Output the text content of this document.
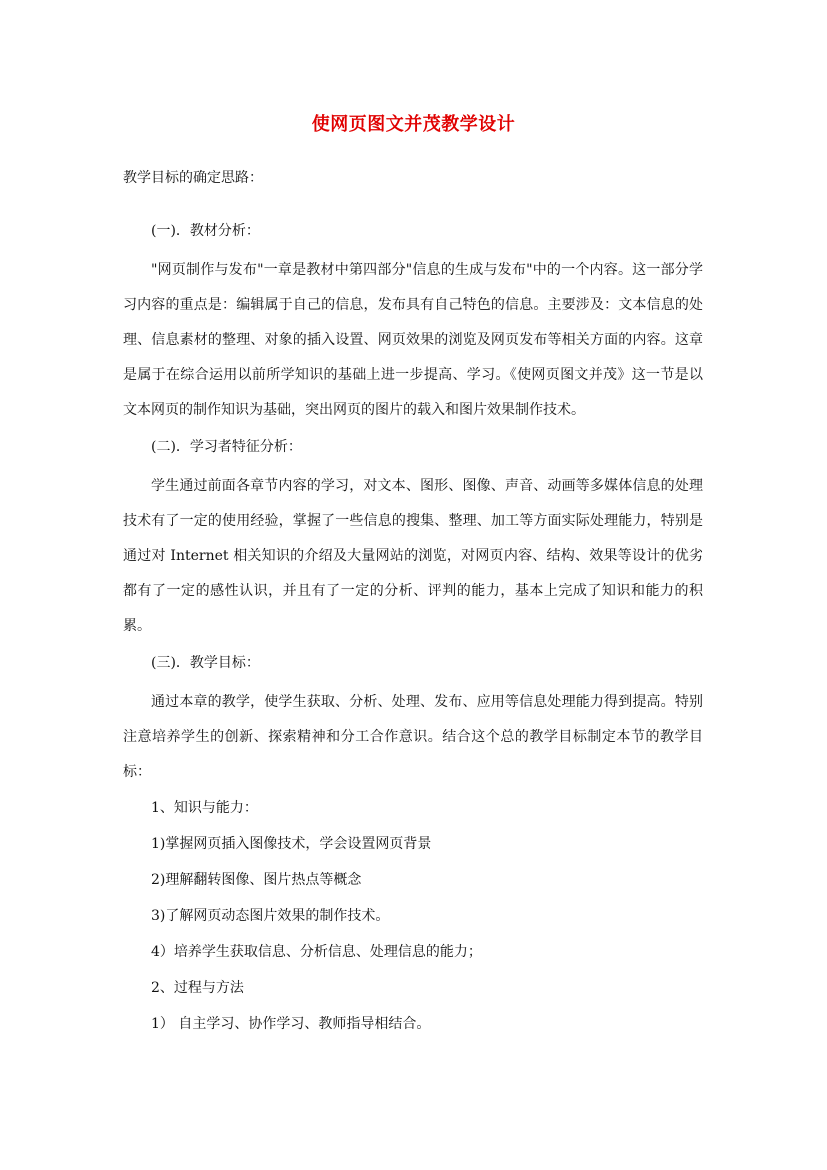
使网页图文并茂教学设计

教学目标的确定思路：

(一)．教材分析：

"网页制作与发布"一章是教材中第四部分"信息的生成与发布"中的一个内容。这一部分学习内容的重点是：编辑属于自己的信息，发布具有自己特色的信息。主要涉及：文本信息的处理、信息素材的整理、对象的插入设置、网页效果的浏览及网页发布等相关方面的内容。这章是属于在综合运用以前所学知识的基础上进一步提高、学习。《使网页图文并茂》这一节是以文本网页的制作知识为基础，突出网页的图片的载入和图片效果制作技术。

(二)．学习者特征分析：

学生通过前面各章节内容的学习，对文本、图形、图像、声音、动画等多媒体信息的处理技术有了一定的使用经验，掌握了一些信息的搜集、整理、加工等方面实际处理能力，特别是通过对 Internet 相关知识的介绍及大量网站的浏览，对网页内容、结构、效果等设计的优劣都有了一定的感性认识，并且有了一定的分析、评判的能力，基本上完成了知识和能力的积累。

(三)．教学目标：

通过本章的教学，使学生获取、分析、处理、发布、应用等信息处理能力得到提高。特别注意培养学生的创新、探索精神和分工合作意识。结合这个总的教学目标制定本节的教学目标：

1、知识与能力：

1)掌握网页插入图像技术，学会设置网页背景

2)理解翻转图像、图片热点等概念

3)了解网页动态图片效果的制作技术。

4）培养学生获取信息、分析信息、处理信息的能力；

2、过程与方法

1） 自主学习、协作学习、教师指导相结合。
